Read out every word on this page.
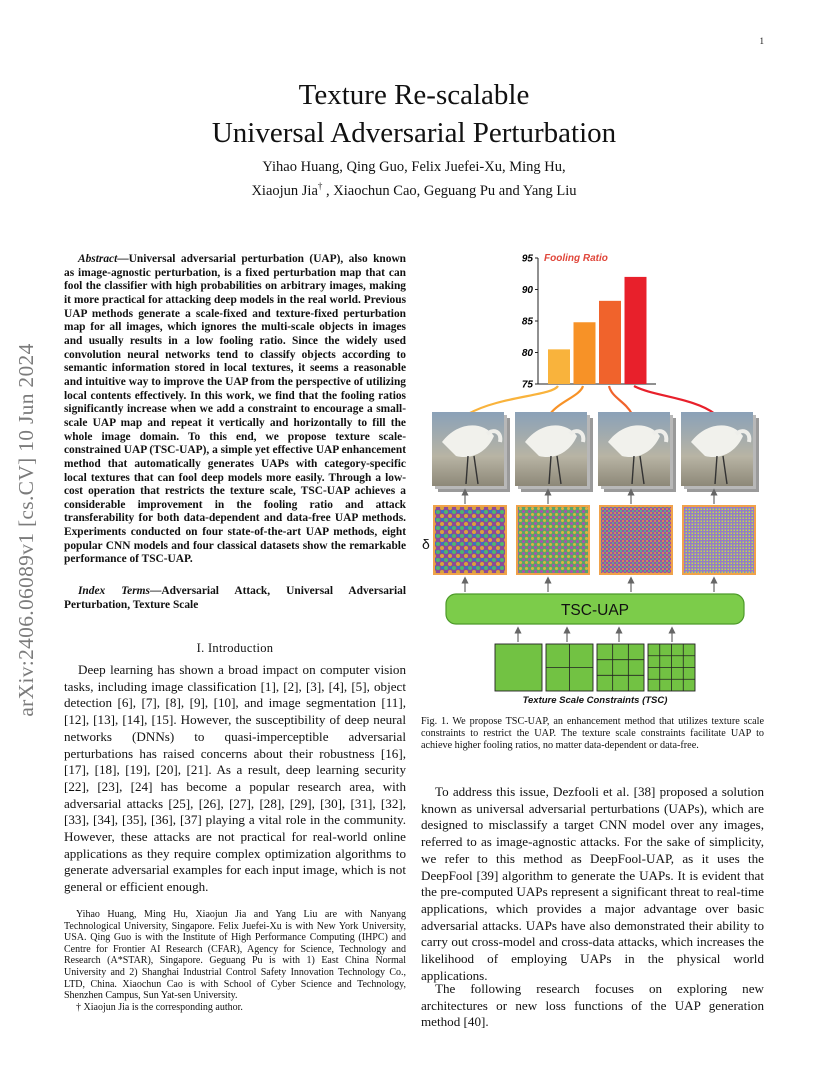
1
arXiv:2406.06089v1 [cs.CV] 10 Jun 2024
Texture Re-scalable
Universal Adversarial Perturbation
Yihao Huang, Qing Guo, Felix Juefei-Xu, Ming Hu,
Xiaojun Jia† , Xiaochun Cao, Geguang Pu and Yang Liu

Abstract—Universal adversarial perturbation (UAP), also known as image-agnostic perturbation, is a fixed perturbation map that can fool the classifier with high probabilities on arbitrary images, making it more practical for attacking deep models in the real world. Previous UAP methods generate a scale-fixed and texture-fixed perturbation map for all images, which ignores the multi-scale objects in images and usually results in a low fooling ratio. Since the widely used convolution neural networks tend to classify objects according to semantic information stored in local textures, it seems a reasonable and intuitive way to improve the UAP from the perspective of utilizing local contents effectively. In this work, we find that the fooling ratios significantly increase when we add a constraint to encourage a small-scale UAP map and repeat it vertically and horizontally to fill the whole image domain. To this end, we propose texture scale-constrained UAP (TSC-UAP), a simple yet effective UAP enhancement method that automatically generates UAPs with category-specific local textures that can fool deep models more easily. Through a low-cost operation that restricts the texture scale, TSC-UAP achieves a considerable improvement in the fooling ratio and attack transferability for both data-dependent and data-free UAP methods. Experiments conducted on four state-of-the-art UAP methods, eight popular CNN models and four classical datasets show the remarkable performance of TSC-UAP.

Index Terms—Adversarial Attack, Universal Adversarial Perturbation, Texture Scale

I. Introduction

Deep learning has shown a broad impact on computer vision tasks, including image classification [1], [2], [3], [4], [5], object detection [6], [7], [8], [9], [10], and image segmentation [11], [12], [13], [14], [15]. However, the susceptibility of deep neural networks (DNNs) to quasi-imperceptible adversarial perturbations has raised concerns about their robustness [16], [17], [18], [19], [20], [21]. As a result, deep learning security [22], [23], [24] has become a popular research area, with adversarial attacks [25], [26], [27], [28], [29], [30], [31], [32], [33], [34], [35], [36], [37] playing a vital role in the community. However, these attacks are not practical for real-world online applications as they require complex optimization algorithms to generate adversarial examples for each input image, which is not general or efficient enough.

Yihao Huang, Ming Hu, Xiaojun Jia and Yang Liu are with Nanyang Technological University, Singapore. Felix Juefei-Xu is with New York University, USA. Qing Guo is with the Institute of High Performance Computing (IHPC) and Centre for Frontier AI Research (CFAR), Agency for Science, Technology and Research (A*STAR), Singapore. Geguang Pu is with 1) East China Normal University and 2) Shanghai Industrial Control Safety Innovation Technology Co., LTD, China. Xiaochun Cao is with School of Cyber Science and Technology, Shenzhen Campus, Sun Yat-sen University.

† Xiaojun Jia is the corresponding author.
75
80
85
90
95 Fooling Ratio
δ
TSC-UAP
Texture Scale Constraints (TSC)

Fig. 1. We propose TSC-UAP, an enhancement method that utilizes texture scale constraints to restrict the UAP. The texture scale constraints facilitate UAP to achieve higher fooling ratios, no matter data-dependent or data-free.

To address this issue, Dezfooli et al. [38] proposed a solution known as universal adversarial perturbations (UAPs), which are designed to misclassify a target CNN model over any images, referred to as image-agnostic attacks. For the sake of simplicity, we refer to this method as DeepFool-UAP, as it uses the DeepFool [39] algorithm to generate the UAPs. It is evident that the pre-computed UAPs represent a significant threat to real-time applications, which provides a major advantage over basic adversarial attacks. UAPs have also demonstrated their ability to carry out cross-model and cross-data attacks, which increases the likelihood of employing UAPs in the physical world applications.

The following research focuses on exploring new architectures or new loss functions of the UAP generation method [40].
